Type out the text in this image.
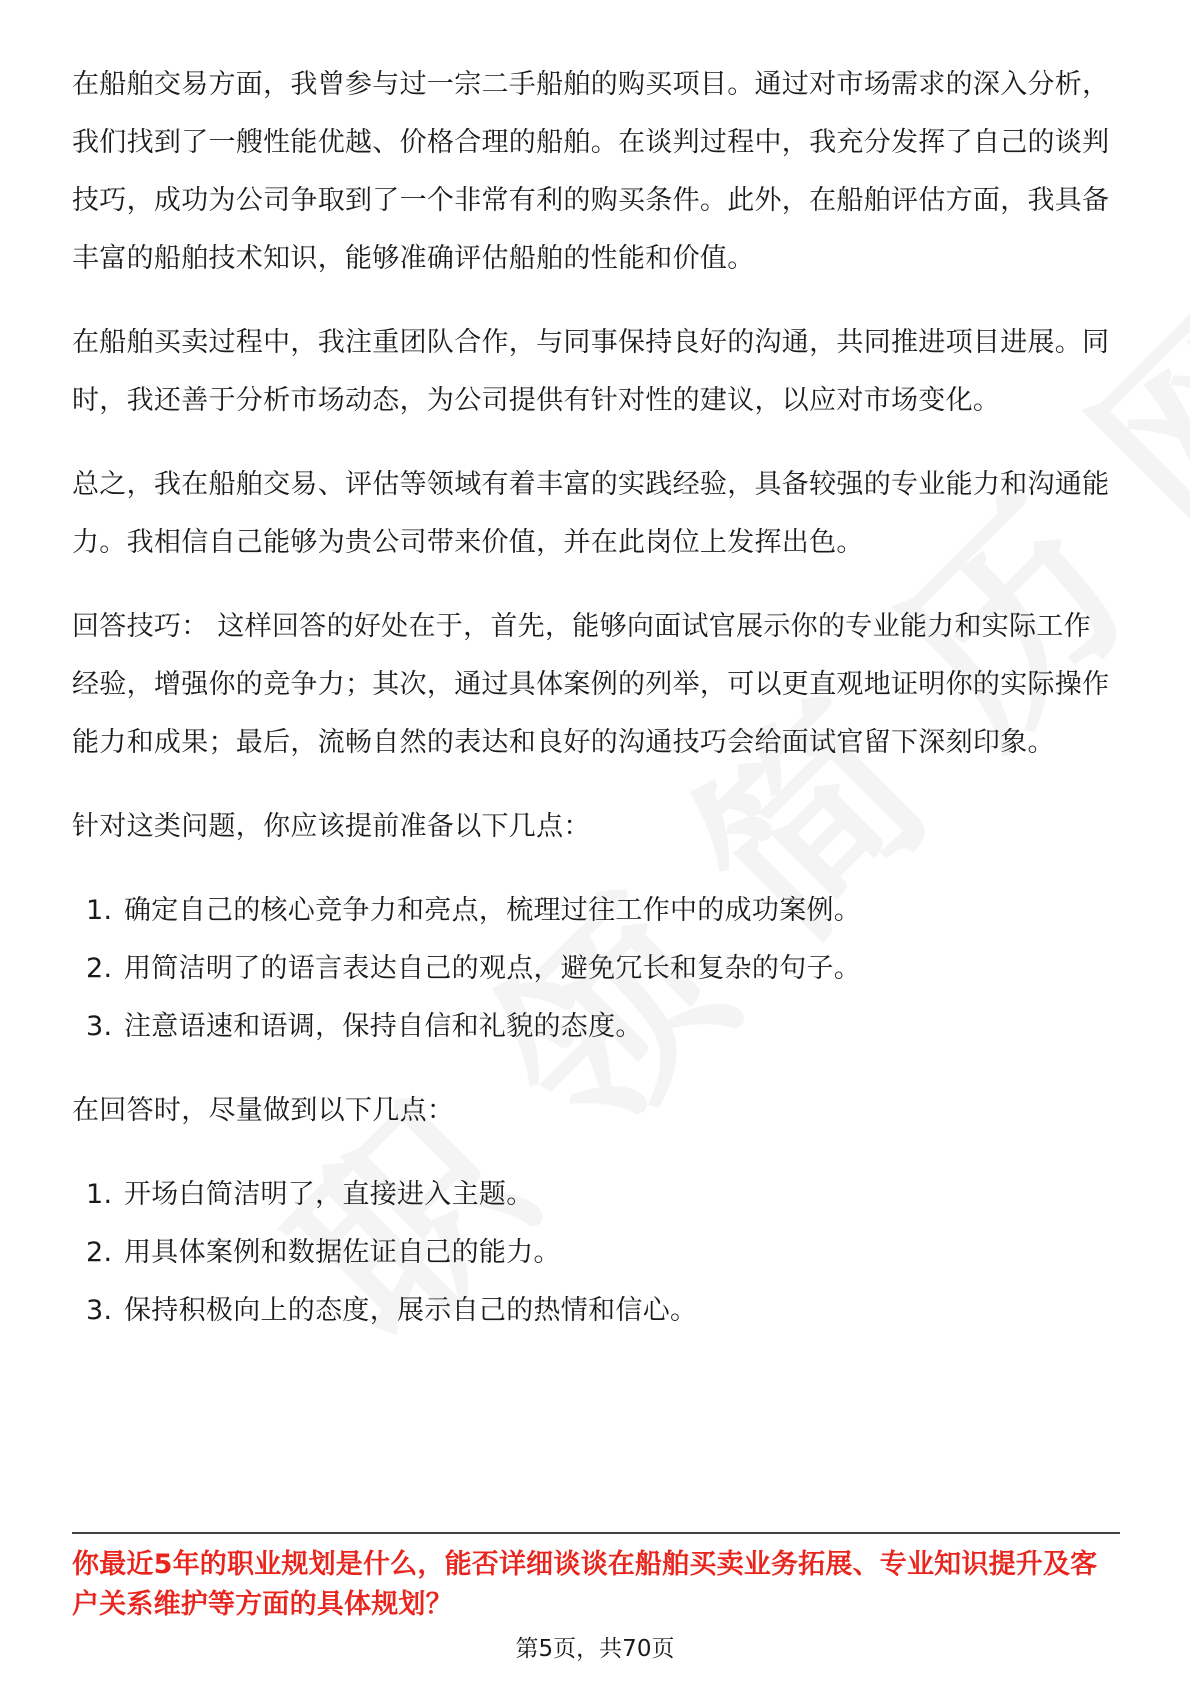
在船舶交易方面，我曾参与过一宗二手船舶的购买项目。通过对市场需求的深入分析，我们找到了一艘性能优越、价格合理的船舶。在谈判过程中，我充分发挥了自己的谈判技巧，成功为公司争取到了一个非常有利的购买条件。此外，在船舶评估方面，我具备丰富的船舶技术知识，能够准确评估船舶的性能和价值。

在船舶买卖过程中，我注重团队合作，与同事保持良好的沟通，共同推进项目进展。同时，我还善于分析市场动态，为公司提供有针对性的建议，以应对市场变化。

总之，我在船舶交易、评估等领域有着丰富的实践经验，具备较强的专业能力和沟通能力。我相信自己能够为贵公司带来价值，并在此岗位上发挥出色。

回答技巧： 这样回答的好处在于，首先，能够向面试官展示你的专业能力和实际工作经验，增强你的竞争力；其次，通过具体案例的列举，可以更直观地证明你的实际操作能力和成果；最后，流畅自然的表达和良好的沟通技巧会给面试官留下深刻印象。

针对这类问题，你应该提前准备以下几点：

1. 确定自己的核心竞争力和亮点，梳理过往工作中的成功案例。
2. 用简洁明了的语言表达自己的观点，避免冗长和复杂的句子。
3. 注意语速和语调，保持自信和礼貌的态度。

在回答时，尽量做到以下几点：

1. 开场白简洁明了，直接进入主题。
2. 用具体案例和数据佐证自己的能力。
3. 保持积极向上的态度，展示自己的热情和信心。
你最近5年的职业规划是什么，能否详细谈谈在船舶买卖业务拓展、专业知识提升及客户关系维护等方面的具体规划？
第5页，共70页
